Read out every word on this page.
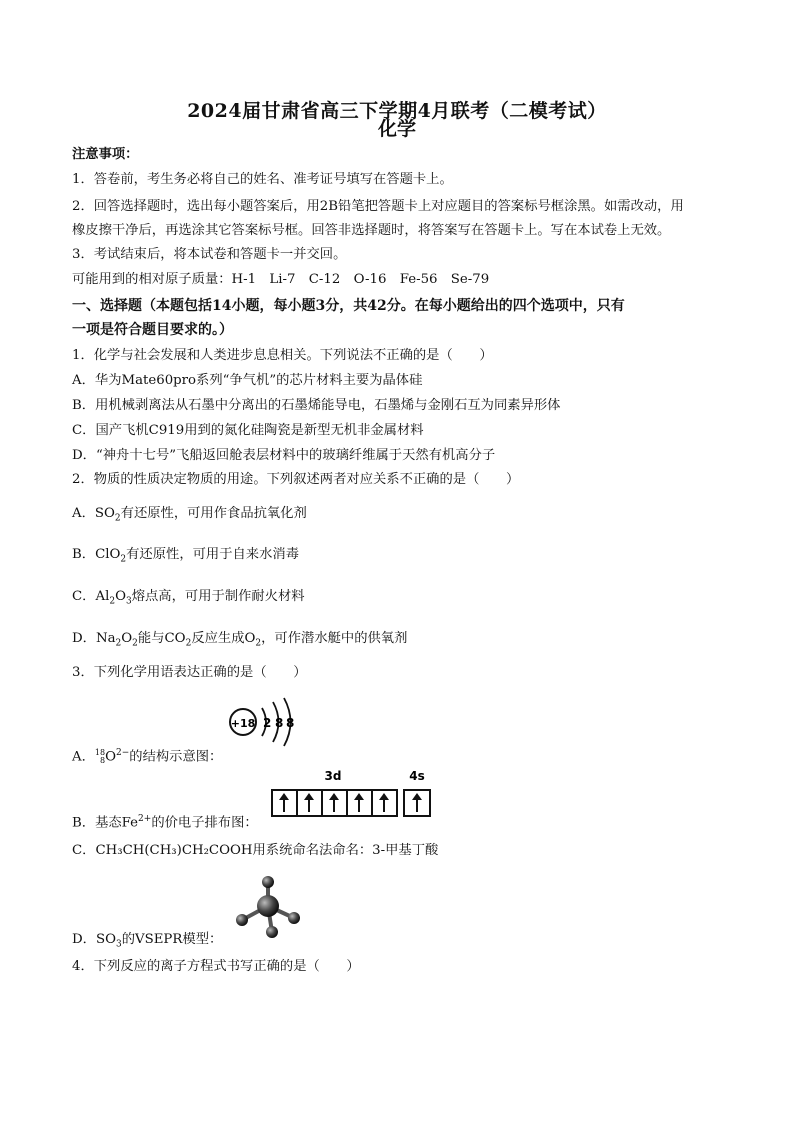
2024届甘肃省高三下学期4月联考（二模考试）
化学
注意事项：
1．答卷前，考生务必将自己的姓名、准考证号填写在答题卡上。
2．回答选择题时，选出每小题答案后，用2B铅笔把答题卡上对应题目的答案标号框涂黑。如需改动，用
橡皮擦干净后，再选涂其它答案标号框。回答非选择题时，将答案写在答题卡上。写在本试卷上无效。
3．考试结束后，将本试卷和答题卡一并交回。
可能用到的相对原子质量：H-1　Li-7　C-12　O-16　Fe-56　Se-79
一、选择题（本题包括14小题，每小题3分，共42分。在每小题给出的四个选项中，只有
一项是符合题目要求的。）
1．化学与社会发展和人类进步息息相关。下列说法不正确的是（　　）
A．华为Mate60pro系列“争气机”的芯片材料主要为晶体硅
B．用机械剥离法从石墨中分离出的石墨烯能导电，石墨烯与金刚石互为同素异形体
C．国产飞机C919用到的氮化硅陶瓷是新型无机非金属材料
D．“神舟十七号”飞船返回舱表层材料中的玻璃纤维属于天然有机高分子
2．物质的性质决定物质的用途。下列叙述两者对应关系不正确的是（　　）
A．$SO_2$有还原性，可用作食品抗氧化剂
B．ClO$_2$有还原性，可用于自来水消毒
C．$Al_2O_3$熔点高，可用于制作耐火材料
D．$Na_2O_2$能与$CO_2$反应生成$O_2$，可作潜水艇中的供氧剂
3．下列化学用语表达正确的是（　　）
+18 2 8 8
A．18
$8O^{2-}$的结构示意图：
3d	4s
B．基态$Fe^{2+}$的价电子排布图：
C．CH₃CH(CH₃)CH₂COOH用系统命名法命名：3-甲基丁酸
D．$SO_3$的VSEPR模型：
4．下列反应的离子方程式书写正确的是（　　）
